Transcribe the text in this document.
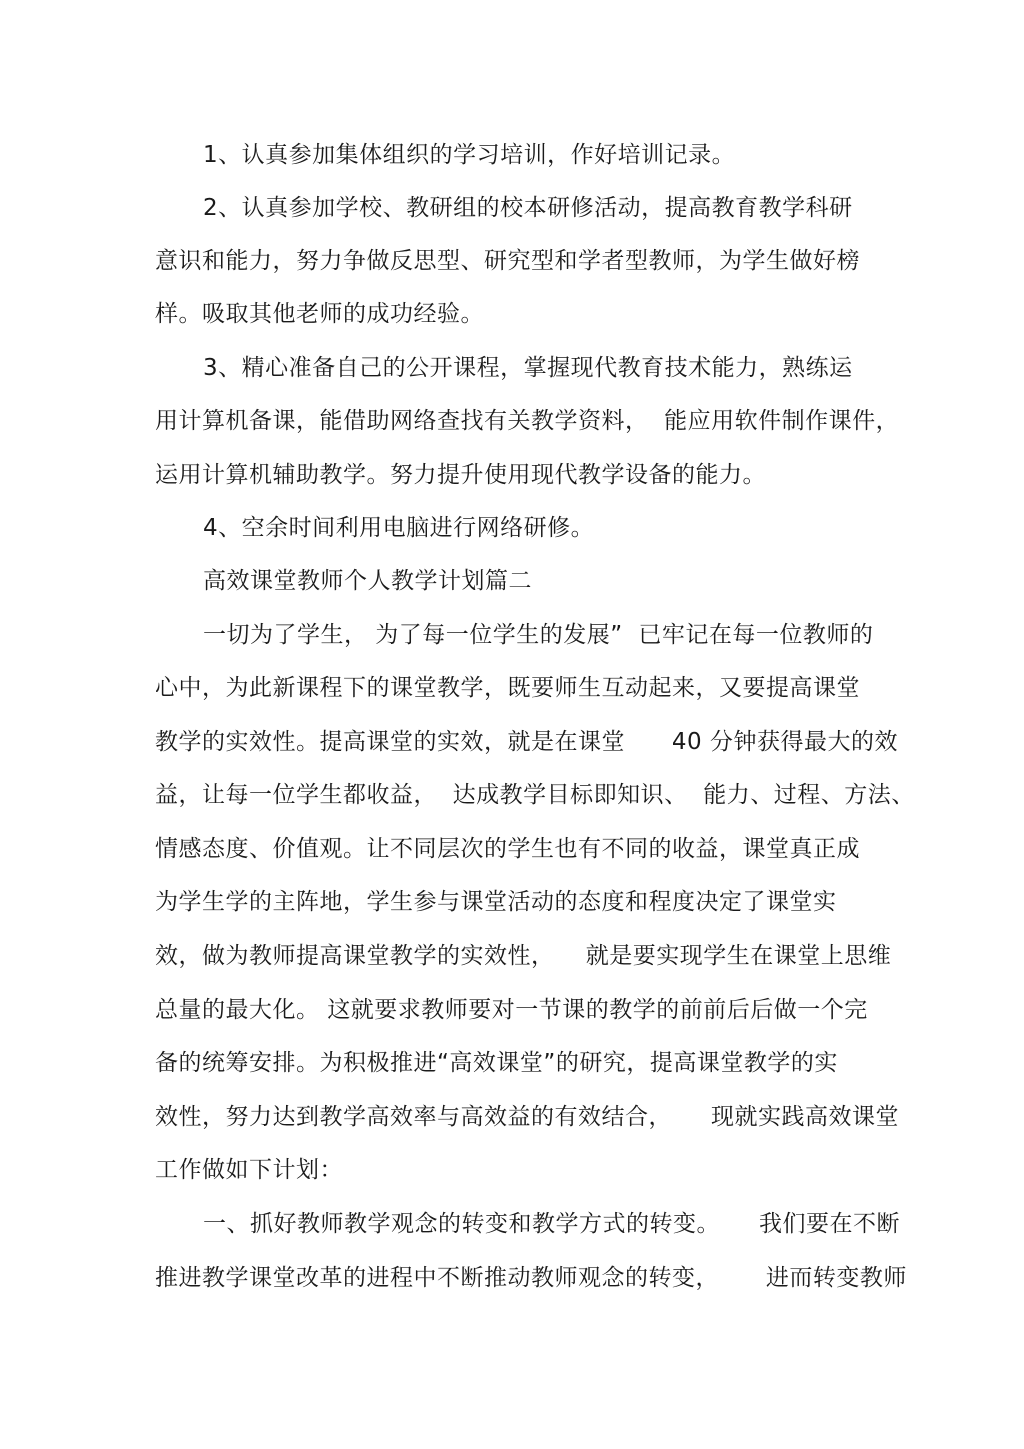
1、认真参加集体组织的学习培训，作好培训记录。
2、认真参加学校、教研组的校本研修活动，提高教育教学科研
意识和能力，努力争做反思型、研究型和学者型教师，为学生做好榜
样。吸取其他老师的成功经验。
3、精心准备自己的公开课程，掌握现代教育技术能力，熟练运
用计算机备课，能借助网络查找有关教学资料，  能应用软件制作课件，
运用计算机辅助教学。努力提升使用现代教学设备的能力。
4、空余时间利用电脑进行网络研修。
高效课堂教师个人教学计划篇二
一切为了学生， 为了每一位学生的发展”  已牢记在每一位教师的
心中，为此新课程下的课堂教学，既要师生互动起来，又要提高课堂
教学的实效性。提高课堂的实效，就是在课堂      40 分钟获得最大的效
益，让每一位学生都收益，  达成教学目标即知识、  能力、过程、方法、
情感态度、价值观。让不同层次的学生也有不同的收益，课堂真正成
为学生学的主阵地，学生参与课堂活动的态度和程度决定了课堂实
效，做为教师提高课堂教学的实效性，    就是要实现学生在课堂上思维
总量的最大化。 这就要求教师要对一节课的教学的前前后后做一个完
备的统筹安排。为积极推进“高效课堂”的研究，提高课堂教学的实
效性，努力达到教学高效率与高效益的有效结合，     现就实践高效课堂
工作做如下计划：
一、抓好教师教学观念的转变和教学方式的转变。     我们要在不断
推进教学课堂改革的进程中不断推动教师观念的转变，      进而转变教师
